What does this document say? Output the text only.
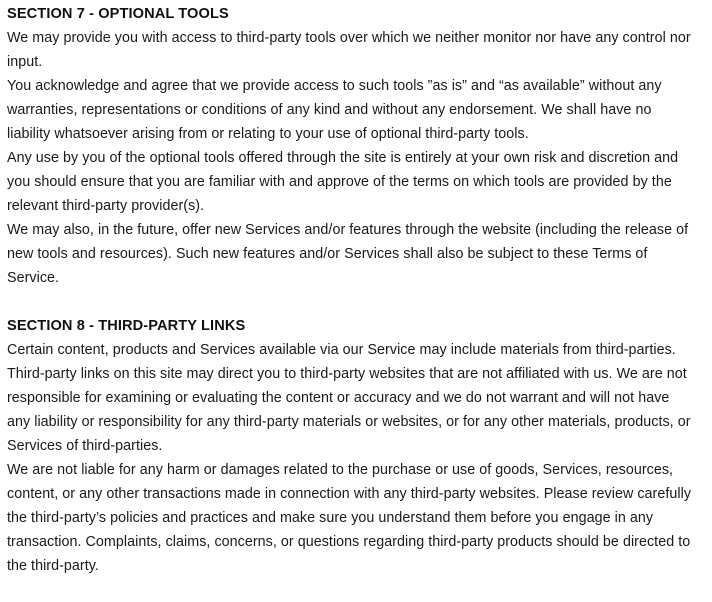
SECTION 7 - OPTIONAL TOOLS

We may provide you with access to third-party tools over which we neither monitor nor have any control nor input.

You acknowledge and agree that we provide access to such tools ”as is” and “as available” without any warranties, representations or conditions of any kind and without any endorsement. We shall have no liability whatsoever arising from or relating to your use of optional third-party tools.

Any use by you of the optional tools offered through the site is entirely at your own risk and discretion and you should ensure that you are familiar with and approve of the terms on which tools are provided by the relevant third-party provider(s).

We may also, in the future, offer new Services and/or features through the website (including the release of new tools and resources). Such new features and/or Services shall also be subject to these Terms of Service.

SECTION 8 - THIRD-PARTY LINKS

Certain content, products and Services available via our Service may include materials from third-parties.

Third-party links on this site may direct you to third-party websites that are not affiliated with us. We are not responsible for examining or evaluating the content or accuracy and we do not warrant and will not have any liability or responsibility for any third-party materials or websites, or for any other materials, products, or Services of third-parties.

We are not liable for any harm or damages related to the purchase or use of goods, Services, resources, content, or any other transactions made in connection with any third-party websites. Please review carefully the third-party’s policies and practices and make sure you understand them before you engage in any transaction. Complaints, claims, concerns, or questions regarding third-party products should be directed to the third-party.
